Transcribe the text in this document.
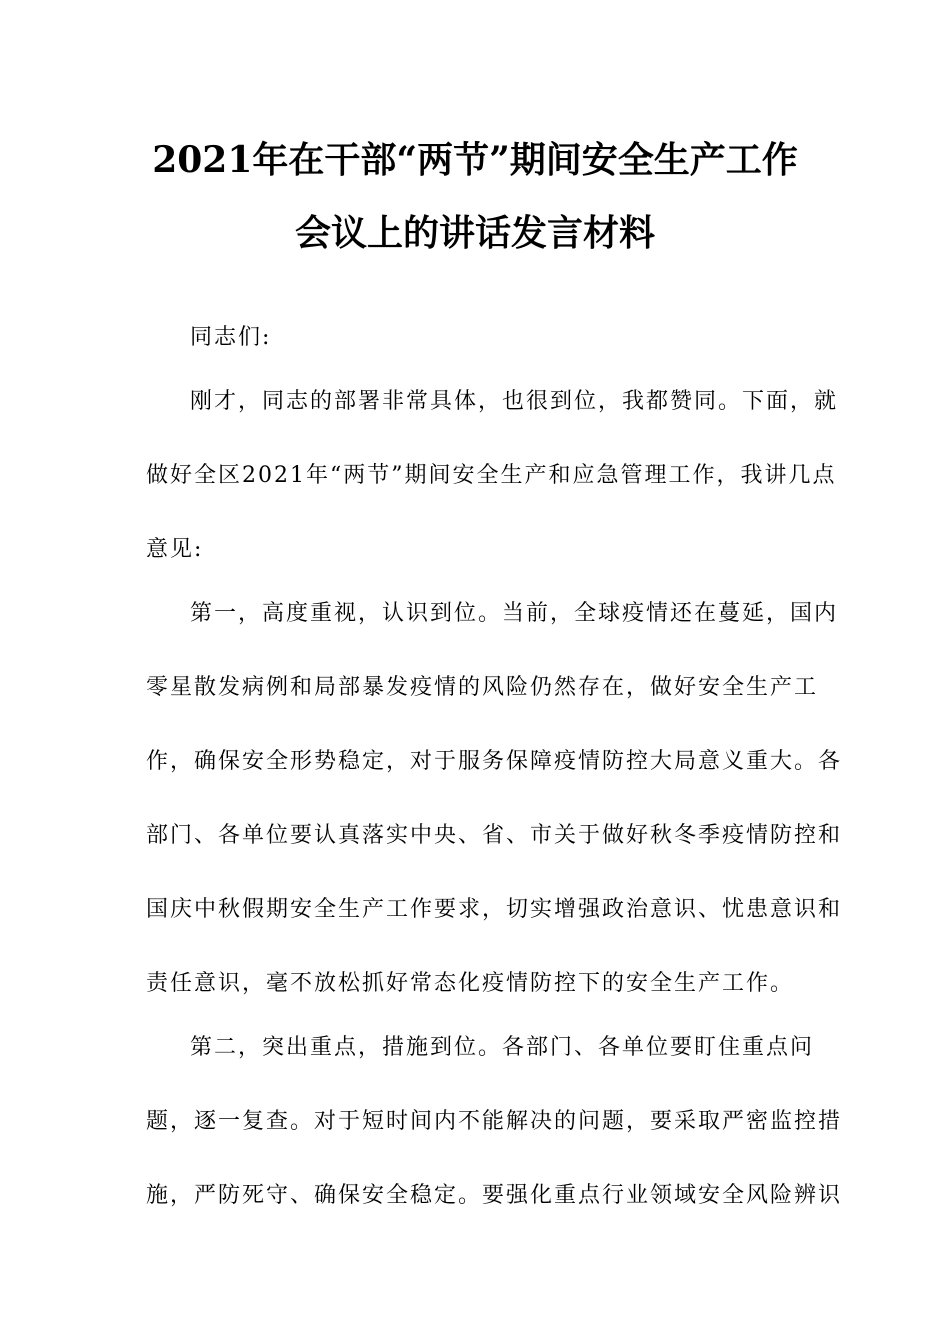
2021年在干部“两节”期间安全生产工作
会议上的讲话发言材料
同志们:
刚才，同志的部署非常具体，也很到位，我都赞同。下面，就
做好全区2021年“两节”期间安全生产和应急管理工作，我讲几点
意见:
第一，高度重视，认识到位。当前，全球疫情还在蔓延，国内
零星散发病例和局部暴发疫情的风险仍然存在，做好安全生产工
作，确保安全形势稳定，对于服务保障疫情防控大局意义重大。各
部门、各单位要认真落实中央、省、市关于做好秋冬季疫情防控和
国庆中秋假期安全生产工作要求，切实增强政治意识、忧患意识和
责任意识，毫不放松抓好常态化疫情防控下的安全生产工作。
第二，突出重点，措施到位。各部门、各单位要盯住重点问
题，逐一复查。对于短时间内不能解决的问题，要采取严密监控措
施，严防死守、确保安全稳定。要强化重点行业领域安全风险辨识
